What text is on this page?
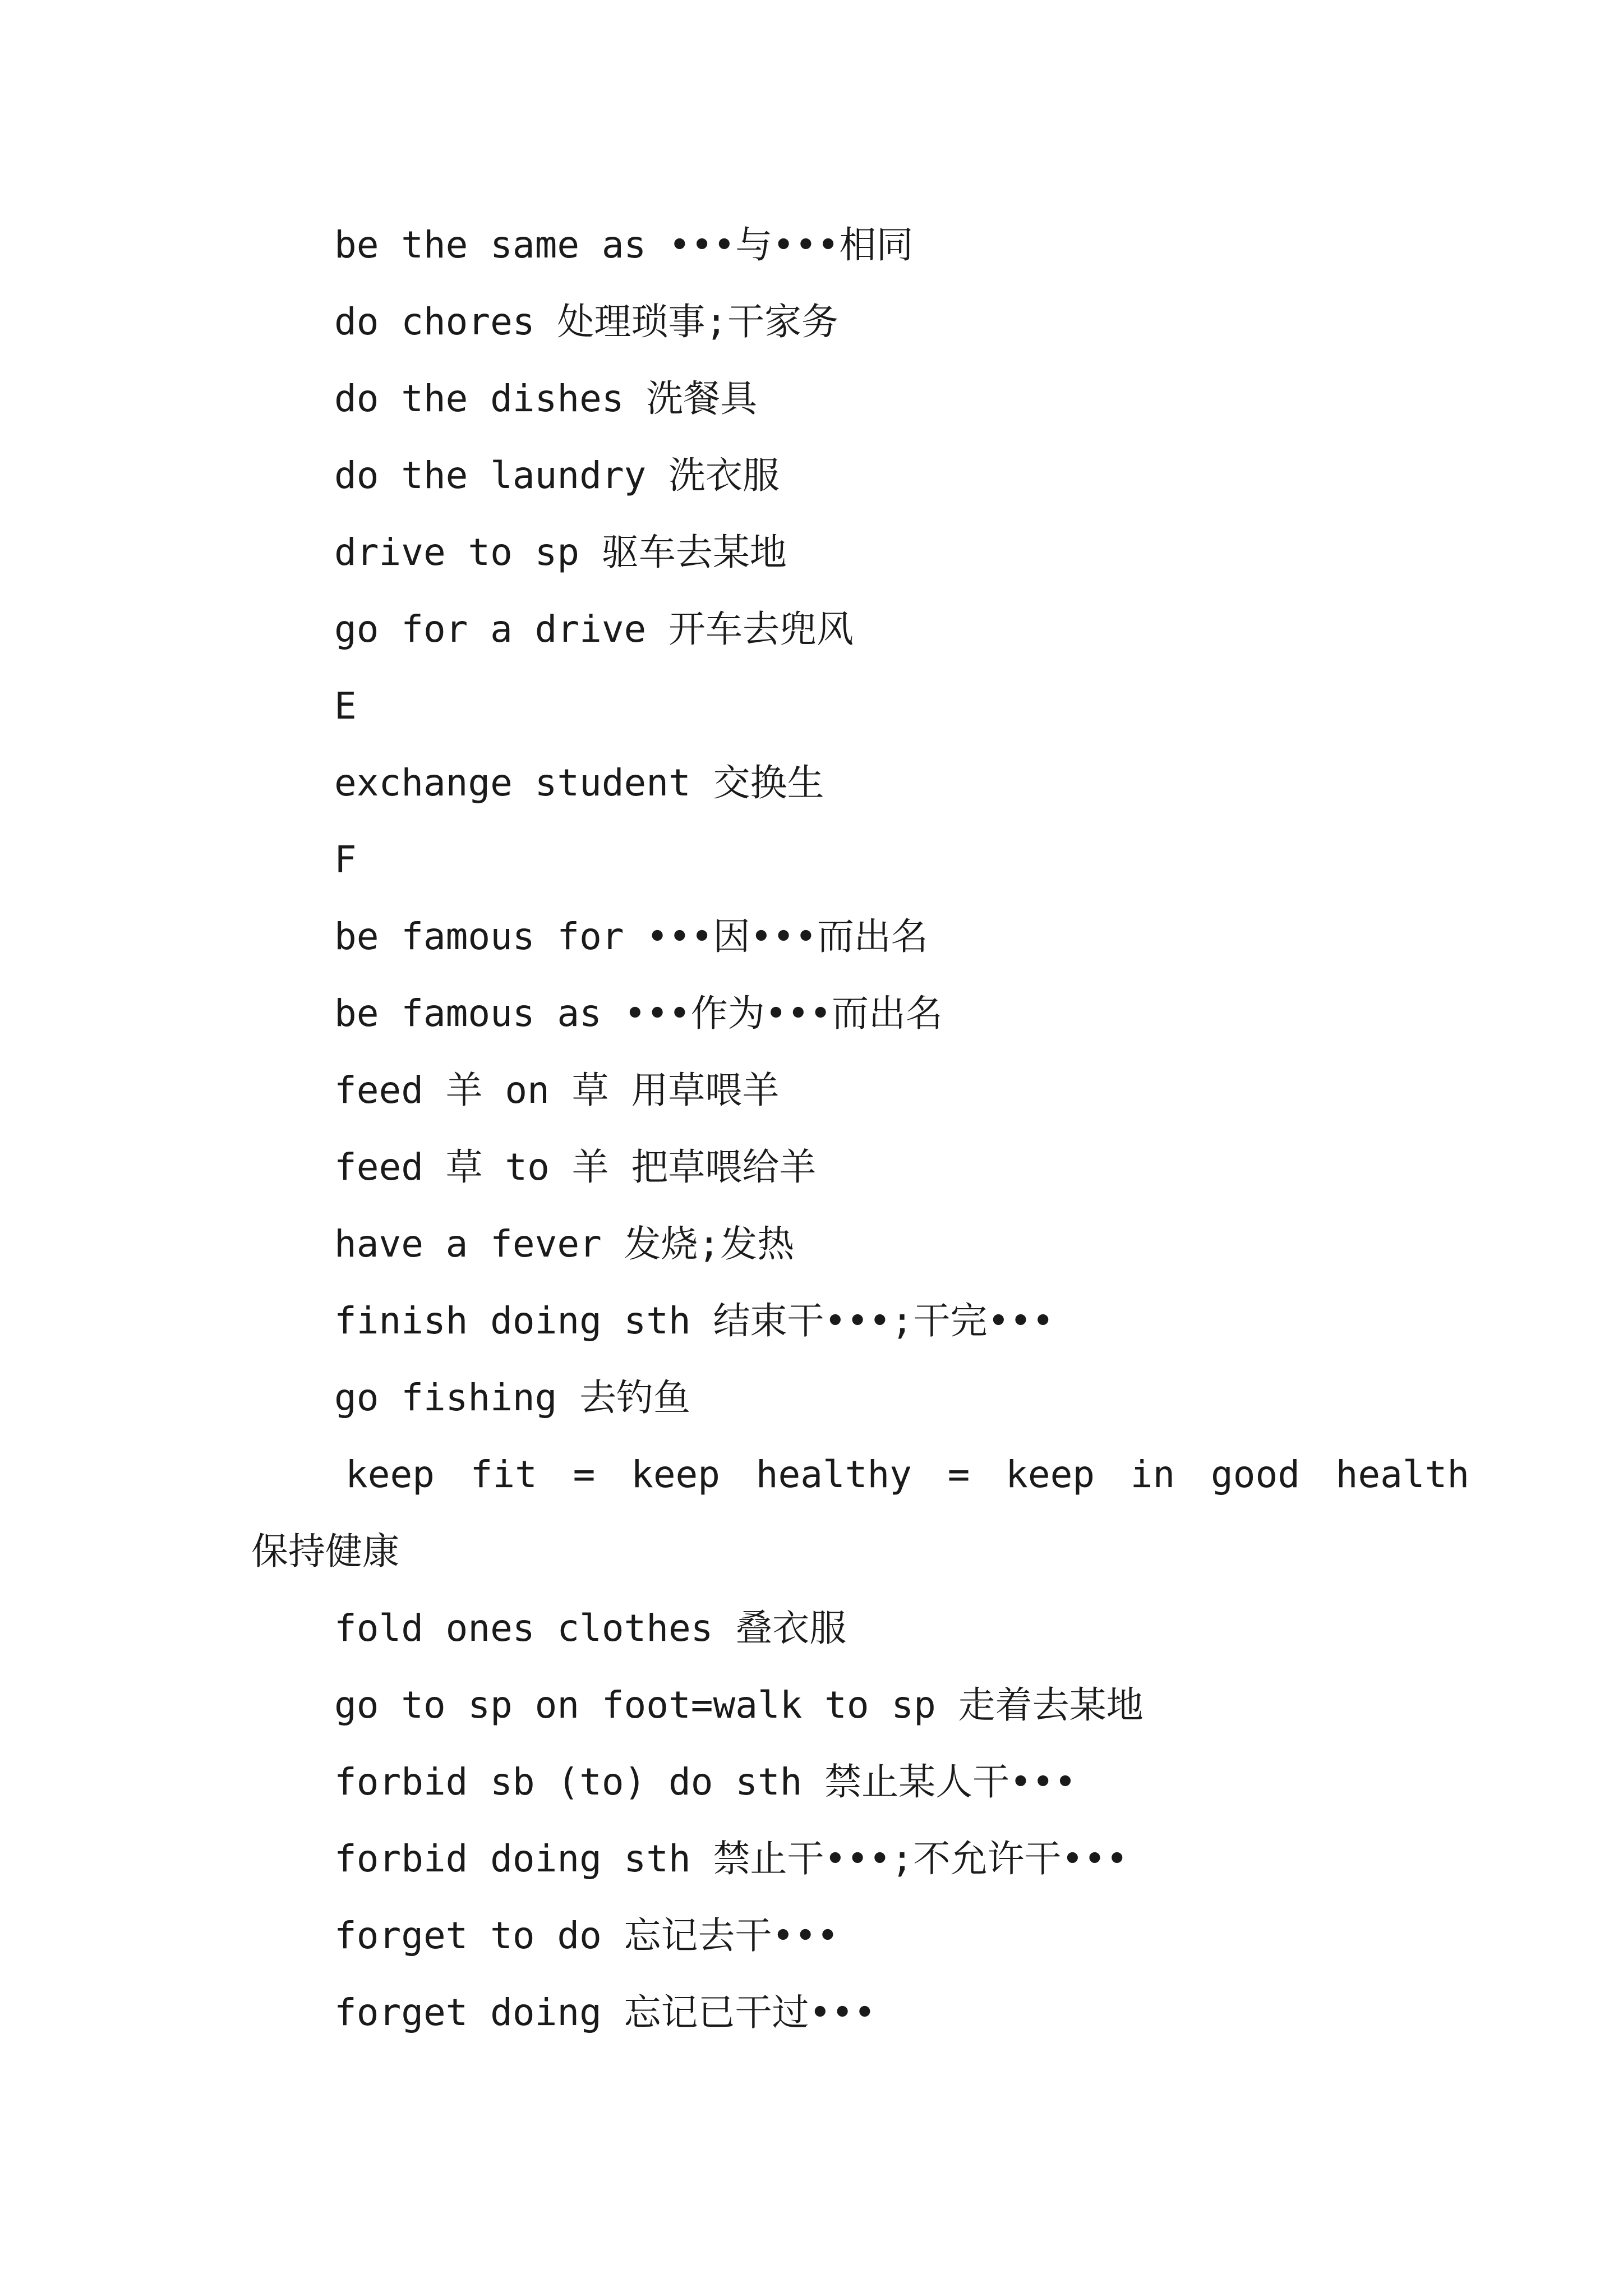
be the same as •••与•••相同

do chores 处理琐事;干家务

do the dishes 洗餐具

do the laundry 洗衣服

drive to sp 驱车去某地

go for a drive 开车去兜风

E

exchange student 交换生

F

be famous for •••因•••而出名

be famous as •••作为•••而出名

feed 羊 on 草 用草喂羊

feed 草 to 羊 把草喂给羊

have a fever 发烧;发热

finish doing sth 结束干•••;干完•••

go fishing 去钓鱼

keep fit = keep healthy = keep in good health

保持健康

fold ones clothes 叠衣服

go to sp on foot=walk to sp 走着去某地

forbid sb (to) do sth 禁止某人干•••

forbid doing sth 禁止干•••;不允许干•••

forget to do 忘记去干•••

forget doing 忘记已干过•••
